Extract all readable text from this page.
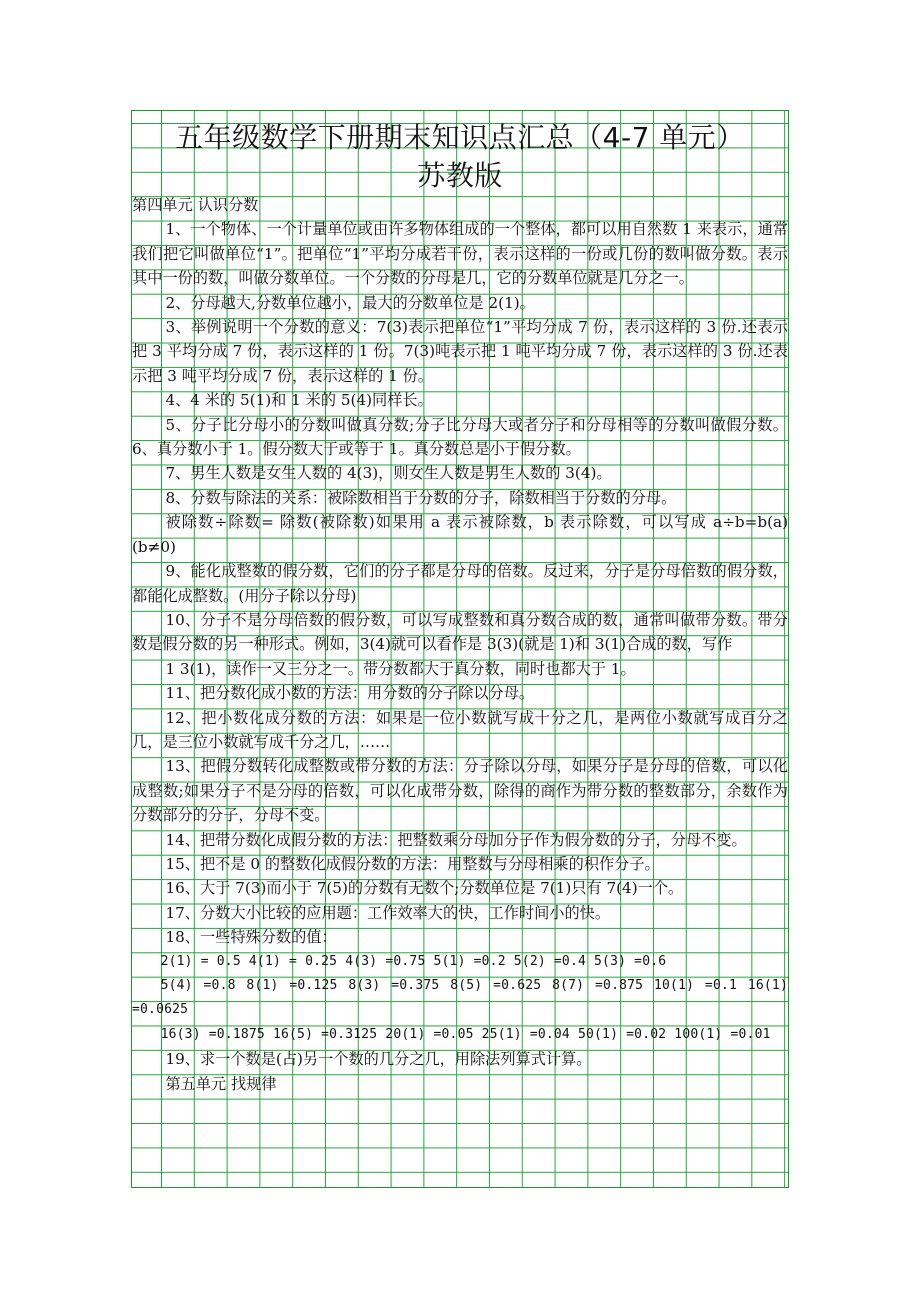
五年级数学下册期末知识点汇总（4-7 单元）
苏教版

第四单元 认识分数

1、一个物体、一个计量单位或由许多物体组成的一个整体，都可以用自然数 1 来表示，通常我们把它叫做单位“1”。把单位“1”平均分成若干份，表示这样的一份或几份的数叫做分数。表示其中一份的数，叫做分数单位。一个分数的分母是几，它的分数单位就是几分之一。

2、分母越大,分数单位越小，最大的分数单位是 2(1)。

3、举例说明一个分数的意义：7(3)表示把单位“1”平均分成 7 份，表示这样的 3 份.还表示把 3 平均分成 7 份，表示这样的 1 份。7(3)吨表示把 1 吨平均分成 7 份，表示这样的 3 份.还表示把 3 吨平均分成 7 份，表示这样的 1 份。

4、4 米的 5(1)和 1 米的 5(4)同样长。

5、分子比分母小的分数叫做真分数;分子比分母大或者分子和分母相等的分数叫做假分数。6、真分数小于 1。假分数大于或等于 1。真分数总是小于假分数。

7、男生人数是女生人数的 4(3)，则女生人数是男生人数的 3(4)。

8、分数与除法的关系：被除数相当于分数的分子，除数相当于分数的分母。

被除数÷除数= 除数(被除数)如果用 a 表示被除数，b 表示除数，可以写成 a÷b=b(a)(b≠0)

9、能化成整数的假分数，它们的分子都是分母的倍数。反过来，分子是分母倍数的假分数，都能化成整数。(用分子除以分母)

10、分子不是分母倍数的假分数，可以写成整数和真分数合成的数，通常叫做带分数。带分数是假分数的另一种形式。例如，3(4)就可以看作是 3(3)(就是 1)和 3(1)合成的数，写作

1 3(1)，读作一又三分之一。带分数都大于真分数，同时也都大于 1。

11、把分数化成小数的方法：用分数的分子除以分母。

12、把小数化成分数的方法：如果是一位小数就写成十分之几，是两位小数就写成百分之几，是三位小数就写成千分之几，……

13、把假分数转化成整数或带分数的方法：分子除以分母，如果分子是分母的倍数，可以化成整数;如果分子不是分母的倍数，可以化成带分数，除得的商作为带分数的整数部分，余数作为分数部分的分子，分母不变。

14、把带分数化成假分数的方法：把整数乘分母加分子作为假分数的分子，分母不变。

15、把不是 0 的整数化成假分数的方法：用整数与分母相乘的积作分子。

16、大于 7(3)而小于 7(5)的分数有无数个;分数单位是 7(1)只有 7(4)一个。

17、分数大小比较的应用题：工作效率大的快，工作时间小的快。

18、一些特殊分数的值：

2(1) = 0.5 4(1) = 0.25 4(3) =0.75 5(1) =0.2 5(2) =0.4 5(3) =0.6

5(4) =0.8 8(1) =0.125 8(3) =0.375 8(5) =0.625 8(7) =0.875 10(1) =0.1 16(1) =0.0625

16(3) =0.1875 16(5) =0.3125 20(1) =0.05 25(1) =0.04 50(1) =0.02 100(1) =0.01

19、求一个数是(占)另一个数的几分之几，用除法列算式计算。

第五单元 找规律
